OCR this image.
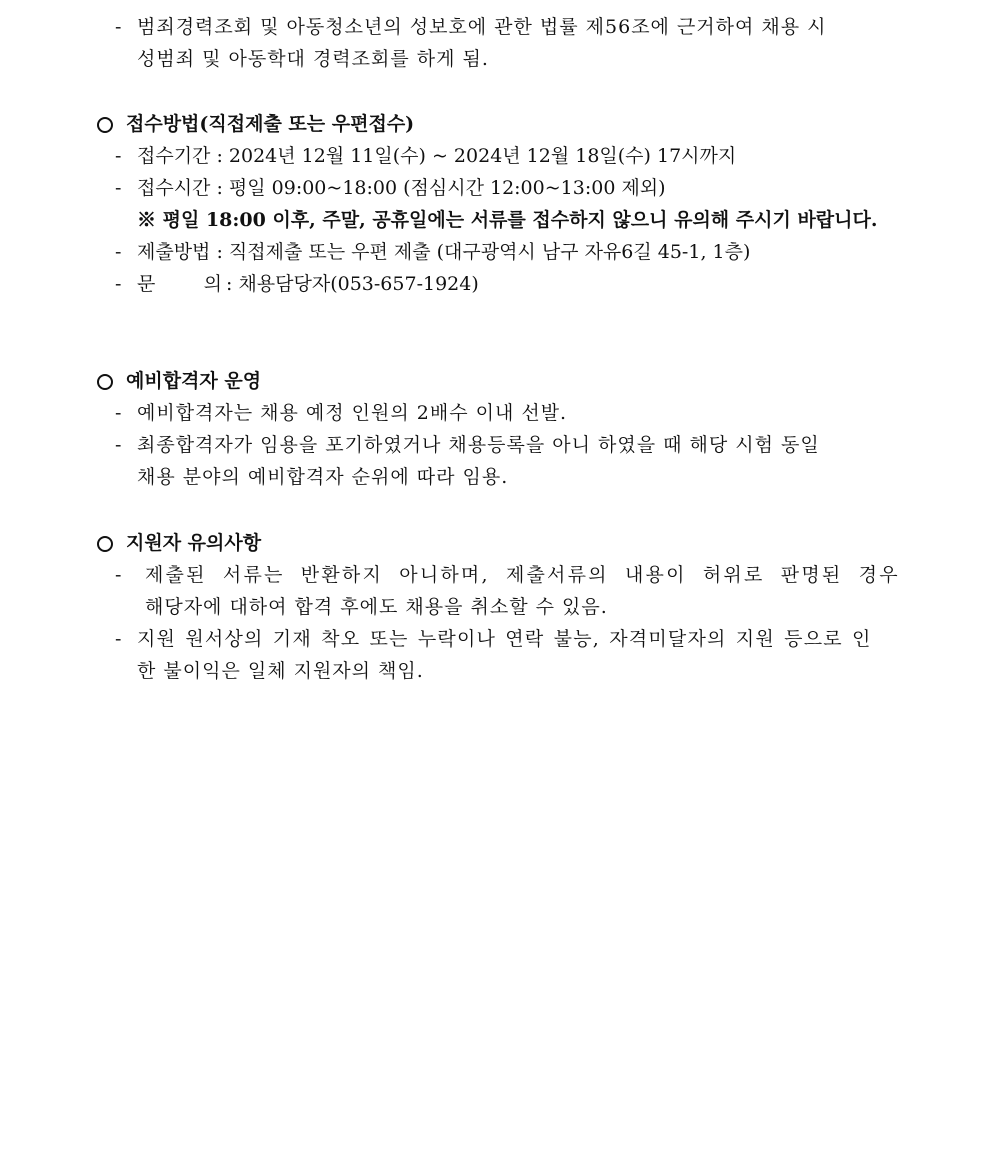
- 범죄경력조회 및 아동청소년의 성보호에 관한 법률 제56조에 근거하여 채용 시
성범죄 및 아동학대 경력조회를 하게 됨.
접수방법(직접제출 또는 우편접수)
- 접수기간 : 2024년 12월 11일(수) ~ 2024년 12월 18일(수) 17시까지
- 접수시간 : 평일 09:00~18:00 (점심시간 12:00~13:00 제외)
※ 평일 18:00 이후, 주말, 공휴일에는 서류를 접수하지 않으니 유의해 주시기 바랍니다.
- 제출방법 : 직접제출 또는 우편 제출 (대구광역시 남구 자유6길 45-1, 1층)
- 문        의 : 채용담당자(053-657-1924)
예비합격자 운영
- 예비합격자는 채용 예정 인원의 2배수 이내 선발.
- 최종합격자가 임용을 포기하였거나 채용등록을 아니 하였을 때 해당 시험 동일
채용 분야의 예비합격자 순위에 따라 임용.
지원자 유의사항
- 제출된 서류는 반환하지 아니하며, 제출서류의 내용이 허위로 판명된 경우
해당자에 대하여 합격 후에도 채용을 취소할 수 있음.
- 지원 원서상의 기재 착오 또는 누락이나 연락 불능, 자격미달자의 지원 등으로 인
한 불이익은 일체 지원자의 책임.
